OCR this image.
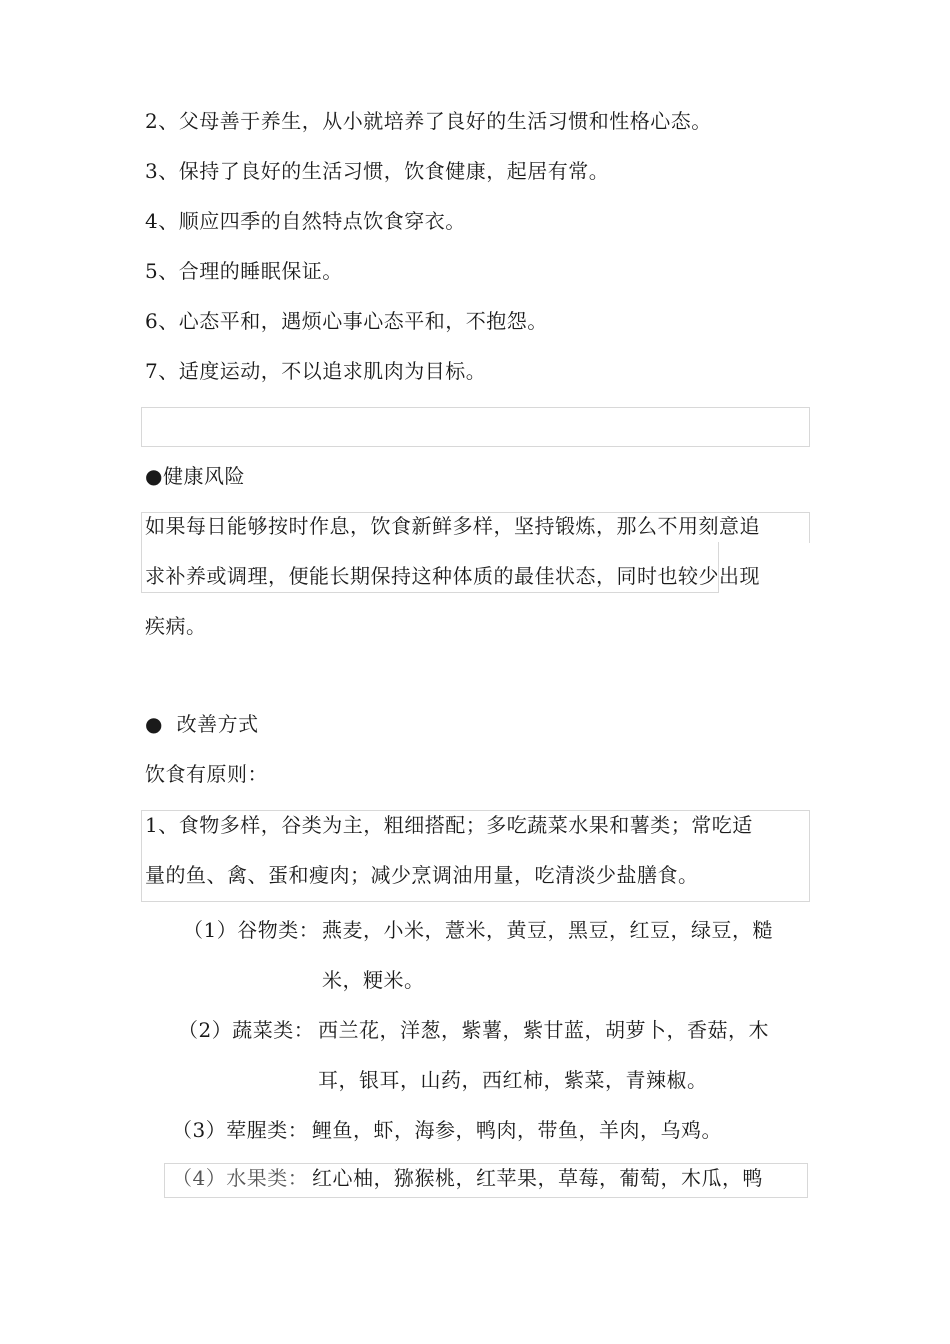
2、父母善于养生，从小就培养了良好的生活习惯和性格心态。
3、保持了良好的生活习惯，饮食健康，起居有常。
4、顺应四季的自然特点饮食穿衣。
5、合理的睡眠保证。
6、心态平和，遇烦心事心态平和，不抱怨。
7、适度运动，不以追求肌肉为目标。
●健康风险
如果每日能够按时作息，饮食新鲜多样，坚持锻炼，那么不用刻意追
求补养或调理，便能长期保持这种体质的最佳状态，同时也较少出现
疾病。
●  改善方式
饮食有原则：
1、食物多样，谷类为主，粗细搭配；多吃蔬菜水果和薯类；常吃适
量的鱼、禽、蛋和瘦肉；减少烹调油用量，吃清淡少盐膳食。
（1）谷物类： 燕麦，小米，薏米，黄豆，黑豆，红豆，绿豆，糙
米，粳米。
（2）蔬菜类： 西兰花，洋葱，紫薯，紫甘蓝，胡萝卜，香菇，木
耳，银耳，山药，西红柿，紫菜，青辣椒。
（3）荤腥类： 鲤鱼，虾，海参，鸭肉，带鱼，羊肉，乌鸡。
（4）水果类： 红心柚，猕猴桃，红苹果，草莓，葡萄，木瓜，鸭
